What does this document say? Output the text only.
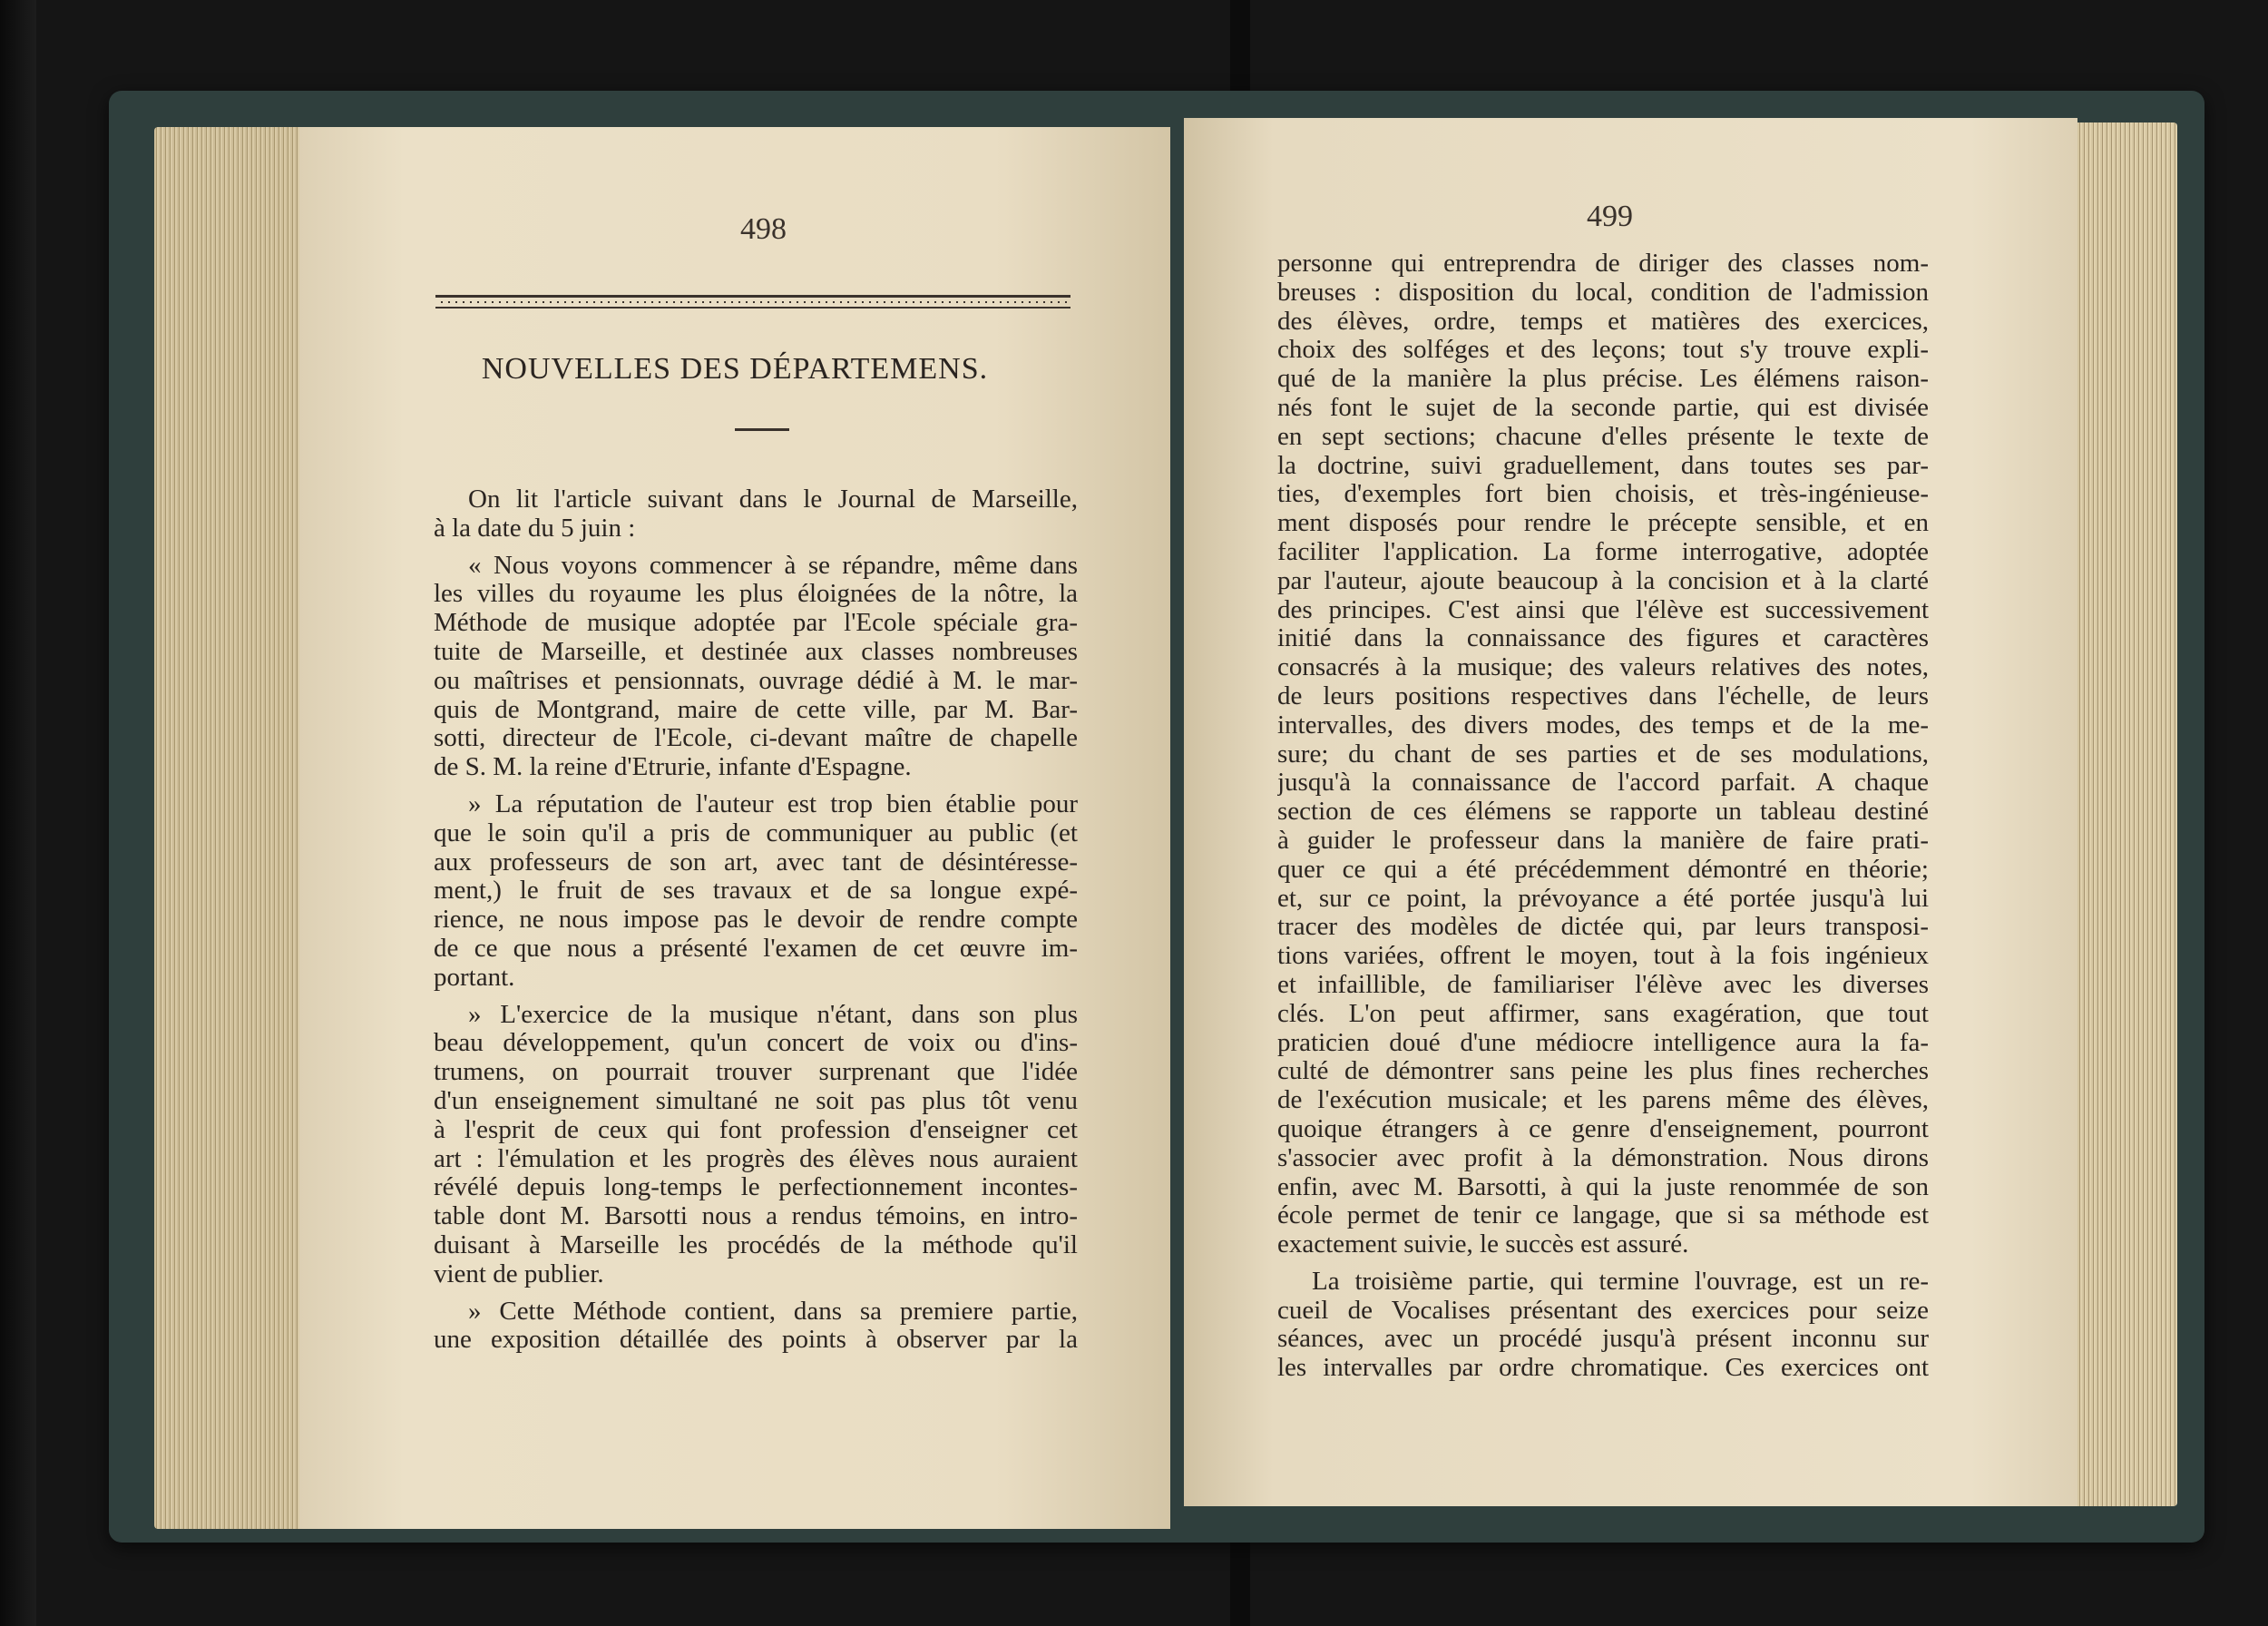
498
NOUVELLES DES DÉPARTEMENS.
On lit l'article suivant dans le Journal de Marseille,
à la date du 5 juin :
« Nous voyons commencer à se répandre, même dans
les villes du royaume les plus éloignées de la nôtre, la
Méthode de musique adoptée par l'Ecole spéciale gra-
tuite de Marseille, et destinée aux classes nombreuses
ou maîtrises et pensionnats, ouvrage dédié à M. le mar-
quis de Montgrand, maire de cette ville, par M. Bar-
sotti, directeur de l'Ecole, ci-devant maître de chapelle
de S. M. la reine d'Etrurie, infante d'Espagne.
» La réputation de l'auteur est trop bien établie pour
que le soin qu'il a pris de communiquer au public (et
aux professeurs de son art, avec tant de désintéresse-
ment,) le fruit de ses travaux et de sa longue expé-
rience, ne nous impose pas le devoir de rendre compte
de ce que nous a présenté l'examen de cet œuvre im-
portant.
» L'exercice de la musique n'étant, dans son plus
beau développement, qu'un concert de voix ou d'ins-
trumens, on pourrait trouver surprenant que l'idée
d'un enseignement simultané ne soit pas plus tôt venu
à l'esprit de ceux qui font profession d'enseigner cet
art : l'émulation et les progrès des élèves nous auraient
révélé depuis long-temps le perfectionnement incontes-
table dont M. Barsotti nous a rendus témoins, en intro-
duisant à Marseille les procédés de la méthode qu'il
vient de publier.
» Cette Méthode contient, dans sa premiere partie,
une exposition détaillée des points à observer par la
499
personne qui entreprendra de diriger des classes nom-
breuses : disposition du local, condition de l'admission
des élèves, ordre, temps et matières des exercices,
choix des solféges et des leçons; tout s'y trouve expli-
qué de la manière la plus précise. Les élémens raison-
nés font le sujet de la seconde partie, qui est divisée
en sept sections; chacune d'elles présente le texte de
la doctrine, suivi graduellement, dans toutes ses par-
ties, d'exemples fort bien choisis, et très-ingénieuse-
ment disposés pour rendre le précepte sensible, et en
faciliter l'application. La forme interrogative, adoptée
par l'auteur, ajoute beaucoup à la concision et à la clarté
des principes. C'est ainsi que l'élève est successivement
initié dans la connaissance des figures et caractères
consacrés à la musique; des valeurs relatives des notes,
de leurs positions respectives dans l'échelle, de leurs
intervalles, des divers modes, des temps et de la me-
sure; du chant de ses parties et de ses modulations,
jusqu'à la connaissance de l'accord parfait. A chaque
section de ces élémens se rapporte un tableau destiné
à guider le professeur dans la manière de faire prati-
quer ce qui a été précédemment démontré en théorie;
et, sur ce point, la prévoyance a été portée jusqu'à lui
tracer des modèles de dictée qui, par leurs transposi-
tions variées, offrent le moyen, tout à la fois ingénieux
et infaillible, de familiariser l'élève avec les diverses
clés. L'on peut affirmer, sans exagération, que tout
praticien doué d'une médiocre intelligence aura la fa-
culté de démontrer sans peine les plus fines recherches
de l'exécution musicale; et les parens même des élèves,
quoique étrangers à ce genre d'enseignement, pourront
s'associer avec profit à la démonstration. Nous dirons
enfin, avec M. Barsotti, à qui la juste renommée de son
école permet de tenir ce langage, que si sa méthode est
exactement suivie, le succès est assuré.
La troisième partie, qui termine l'ouvrage, est un re-
cueil de Vocalises présentant des exercices pour seize
séances, avec un procédé jusqu'à présent inconnu sur
les intervalles par ordre chromatique. Ces exercices ont
